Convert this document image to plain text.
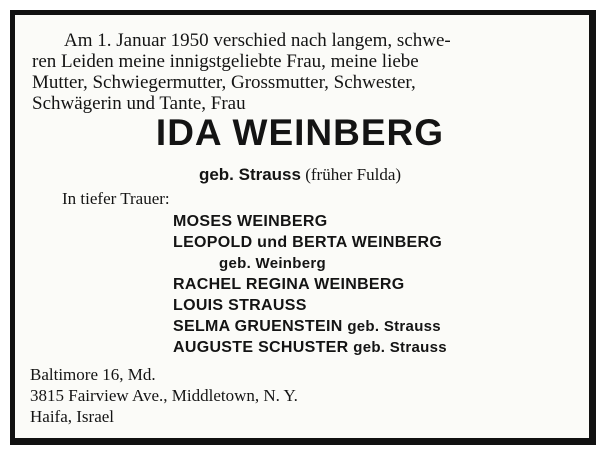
Am 1. Januar 1950 verschied nach langem, schwe-
ren Leiden meine innigstgeliebte Frau, meine liebe
Mutter, Schwiegermutter, Grossmutter, Schwester,
Schwägerin und Tante, Frau
IDA WEINBERG
geb. Strauss (früher Fulda)
In tiefer Trauer:
MOSES WEINBERG
LEOPOLD und BERTA WEINBERG
geb. Weinberg
RACHEL REGINA WEINBERG
LOUIS STRAUSS
SELMA GRUENSTEIN geb. Strauss
AUGUSTE SCHUSTER geb. Strauss
Baltimore 16, Md.
3815 Fairview Ave., Middletown, N. Y.
Haifa, Israel
